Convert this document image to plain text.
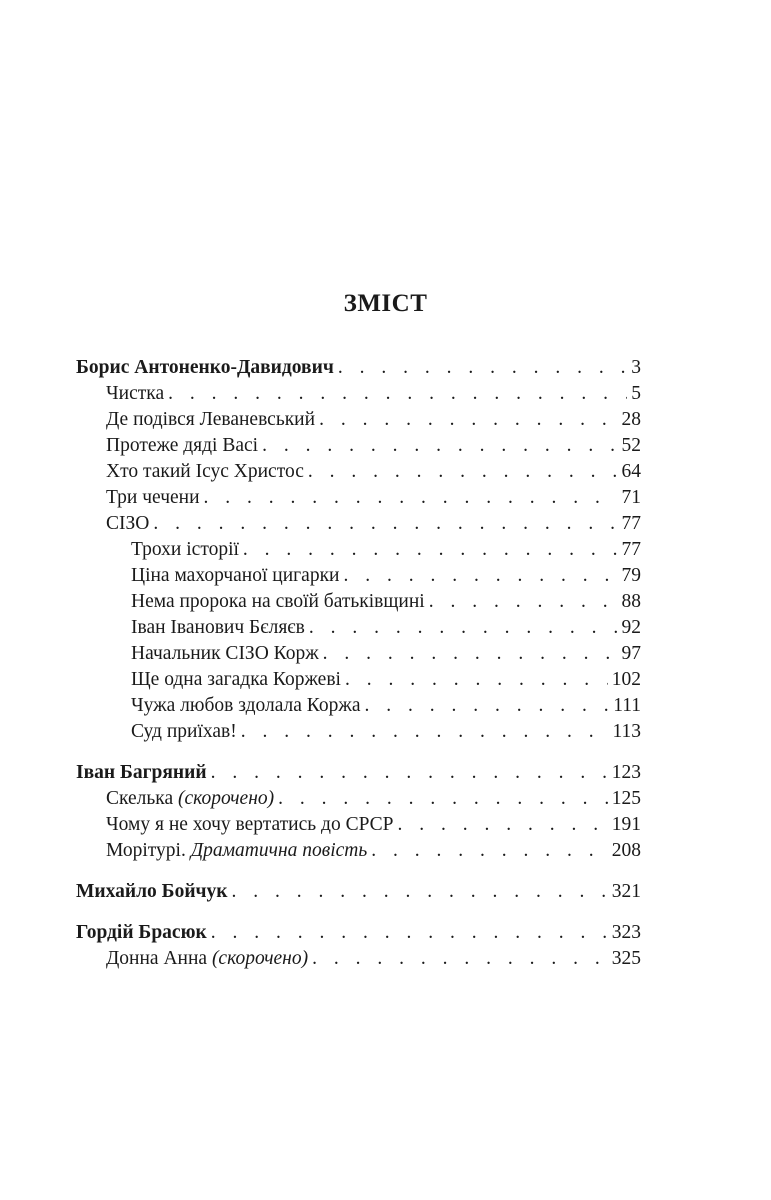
ЗМІСТ
Борис Антоненко-Давидович . . .	3
Чистка . . .	5
Де подівся Леваневський . . .	28
Протеже дяді Васі . . .	52
Хто такий Ісус Христос . . .	64
Три чечени . . .	71
СІЗО . . .	77
Трохи історії . . .	77
Ціна махорчаної цигарки . . .	79
Нема пророка на своїй батьківщині . . .	88
Іван Іванович Бєляєв . . .	92
Начальник СІЗО Корж . . .	97
Ще одна загадка Коржеві . . .	102
Чужа любов здолала Коржа . . .	111
Суд приїхав! . . .	113
Іван Багряний . . .	123
Скелька (скорочено) . . .	125
Чому я не хочу вертатись до СРСР . . .	191
Морітурі. Драматична повість . . .	208
Михайло Бойчук . . .	321
Гордій Брасюк . . .	323
Донна Анна (скорочено) . . .	325
